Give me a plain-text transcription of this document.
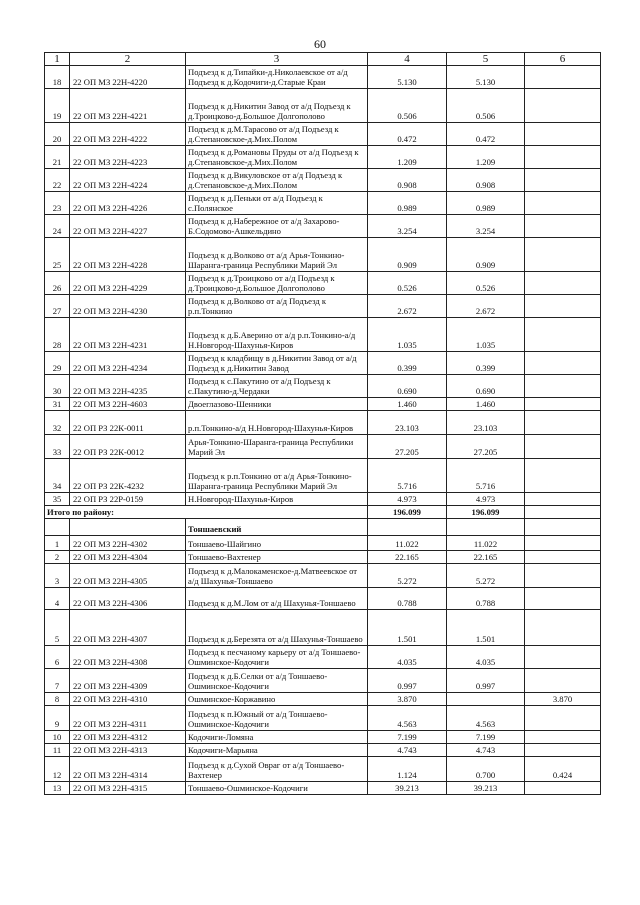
60
1	2	3	4	5	6
18	22 ОП МЗ 22Н-4220	Подъезд к д.Типайки-д.Николаевское от а/д Подъезд к д.Кодочиги-д.Старые Краи	5.130	5.130	
19	22 ОП МЗ 22Н-4221	Подъезд к д.Никитин Завод от а/д Подъезд к д.Троицково-д.Большое Долгополово	0.506	0.506	
20	22 ОП МЗ 22Н-4222	Подъезд к д.М.Тарасово от а/д Подъезд к д.Степановское-д.Мих.Полом	0.472	0.472	
21	22 ОП МЗ 22Н-4223	Подъезд к д.Романовы Пруды от а/д Подъезд к д.Степановское-д.Мих.Полом	1.209	1.209	
22	22 ОП МЗ 22Н-4224	Подъезд к д.Викуловское от а/д Подъезд к д.Степановское-д.Мих.Полом	0.908	0.908	
23	22 ОП МЗ 22Н-4226	Подъезд к д.Пеньки от а/д Подъезд к с.Полянское	0.989	0.989	
24	22 ОП МЗ 22Н-4227	Подъезд к д.Набережное от а/д Захарово-Б.Содомово-Ашкельдино	3.254	3.254	
25	22 ОП МЗ 22Н-4228	Подъезд к д.Волково от а/д Арья-Тонкино-Шаранга-граница Республики Марий Эл	0.909	0.909	
26	22 ОП МЗ 22Н-4229	Подъезд к д.Троицково от а/д Подъезд к д.Троицково-д.Большое Долгополово	0.526	0.526	
27	22 ОП МЗ 22Н-4230	Подъезд к д.Волково от а/д Подъезд к р.п.Тонкино	2.672	2.672	
28	22 ОП МЗ 22Н-4231	Подъезд к д.Б.Аверино от а/д р.п.Тонкино-а/д Н.Новгород-Шахунья-Киров	1.035	1.035	
29	22 ОП МЗ 22Н-4234	Подъезд к кладбищу в д.Никитин Завод от а/д Подъезд к д.Никитин Завод	0.399	0.399	
30	22 ОП МЗ 22Н-4235	Подъезд к с.Пакутино от а/д Подъезд к с.Пакутино-д.Чердаки	0.690	0.690	
31	22 ОП МЗ 22Н-4603	Двоеглазово-Шенники	1.460	1.460	
32	22 ОП РЗ 22К-0011	р.п.Тонкино-а/д Н.Новгород-Шахунья-Киров	23.103	23.103	
33	22 ОП РЗ 22К-0012	Арья-Тонкино-Шаранга-граница Республики Марий Эл	27.205	27.205	
34	22 ОП РЗ 22К-4232	Подъезд к р.п.Тонкино от а/д Арья-Тонкино-Шаранга-граница Республики Марий Эл	5.716	5.716	
35	22 ОП РЗ 22Р-0159	Н.Новгород-Шахунья-Киров	4.973	4.973	
Итого по району:			196.099	196.099	
		Тоншаевский			
1	22 ОП МЗ 22Н-4302	Тоншаево-Шайгино	11.022	11.022	
2	22 ОП МЗ 22Н-4304	Тоншаево-Вахтенер	22.165	22.165	
3	22 ОП МЗ 22Н-4305	Подъезд к д.Малокаменское-д.Матвеевское от а/д Шахунья-Тоншаево	5.272	5.272	
4	22 ОП МЗ 22Н-4306	Подъезд к д.М.Лом от а/д Шахунья-Тоншаево	0.788	0.788	
5	22 ОП МЗ 22Н-4307	Подъезд к д.Березята от а/д Шахунья-Тоншаево	1.501	1.501	
6	22 ОП МЗ 22Н-4308	Подъезд к песчаному карьеру от а/д Тоншаево-Ошминское-Кодочиги	4.035	4.035	
7	22 ОП МЗ 22Н-4309	Подъезд к д.Б.Селки от а/д Тоншаево-Ошминское-Кодочиги	0.997	0.997	
8	22 ОП МЗ 22Н-4310	Ошминское-Коржавино	3.870		3.870
9	22 ОП МЗ 22Н-4311	Подъезд к п.Южный от а/д Тоншаево-Ошминское-Кодочиги	4.563	4.563	
10	22 ОП МЗ 22Н-4312	Кодочиги-Ломяна	7.199	7.199	
11	22 ОП МЗ 22Н-4313	Кодочиги-Марьяна	4.743	4.743	
12	22 ОП МЗ 22Н-4314	Подъезд к д.Сухой Овраг от а/д Тоншаево-Вахтенер	1.124	0.700	0.424
13	22 ОП МЗ 22Н-4315	Тоншаево-Ошминское-Кодочиги	39.213	39.213	
